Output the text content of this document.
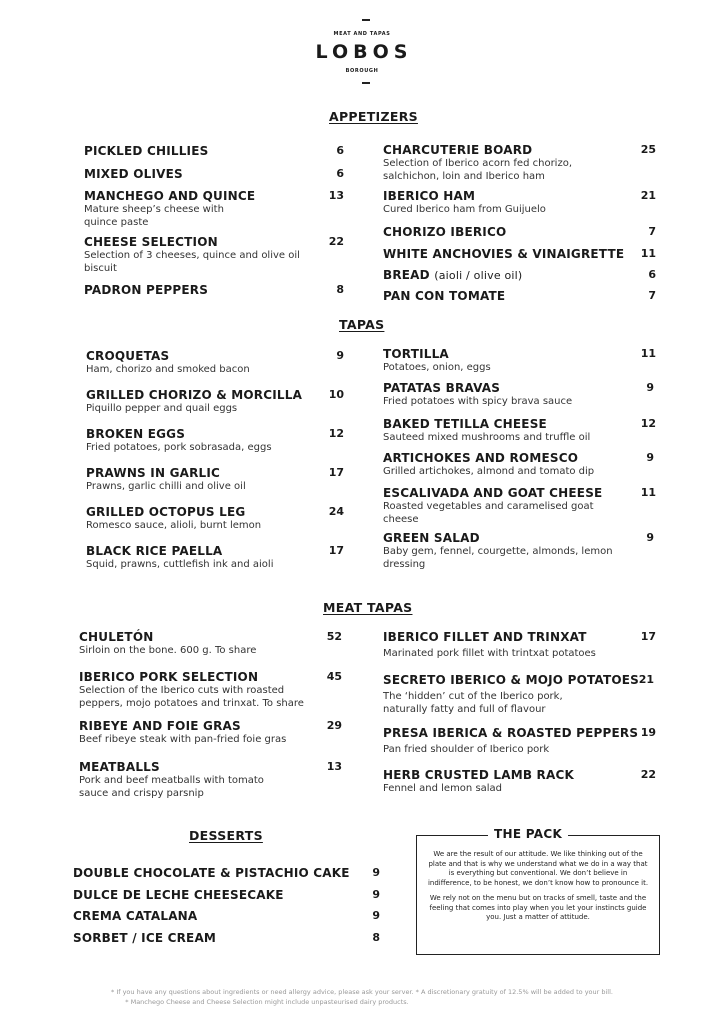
MEAT AND TAPAS
LOBOS
BOROUGH
APPETIZERS
PICKLED CHILLIES	6
MIXED OLIVES	6
MANCHEGO AND QUINCE
Mature sheep’s cheese with quince paste
13
CHEESE SELECTION
Selection of 3 cheeses, quince and olive oil biscuit
22
PADRON PEPPERS	8
CHARCUTERIE BOARD
Selection of Iberico acorn fed chorizo, salchichon, loin and Iberico ham
25
IBERICO HAM
Cured Iberico ham from Guijuelo
21
CHORIZO IBERICO	7
WHITE ANCHOVIES & VINAIGRETTE	11
BREAD (aioli / olive oil)	6
PAN CON TOMATE	7
TAPAS
CROQUETAS
Ham, chorizo and smoked bacon
9
GRILLED CHORIZO & MORCILLA
Piquillo pepper and quail eggs
10
BROKEN EGGS
Fried potatoes, pork sobrasada, eggs
12
PRAWNS IN GARLIC
Prawns, garlic chilli and olive oil
17
GRILLED OCTOPUS LEG
Romesco sauce, alioli, burnt lemon
24
BLACK RICE PAELLA
Squid, prawns, cuttlefish ink and aioli
17
TORTILLA
Potatoes, onion, eggs
11
PATATAS BRAVAS
Fried potatoes with spicy brava sauce
9
BAKED TETILLA CHEESE
Sauteed mixed mushrooms and truffle oil
12
ARTICHOKES AND ROMESCO
Grilled artichokes, almond and tomato dip
9
ESCALIVADA AND GOAT CHEESE
Roasted vegetables and caramelised goat cheese
11
GREEN SALAD
Baby gem, fennel, courgette, almonds, lemon dressing
9
MEAT TAPAS
CHULETÓN
Sirloin on the bone. 600 g. To share
52
IBERICO PORK SELECTION
Selection of the Iberico cuts with roasted peppers, mojo potatoes and trinxat. To share
45
RIBEYE AND FOIE GRAS
Beef ribeye steak with pan-fried foie gras
29
MEATBALLS
Pork and beef meatballs with tomato sauce and crispy parsnip
13
IBERICO FILLET AND TRINXAT
Marinated pork fillet with trintxat potatoes
17
SECRETO IBERICO & MOJO POTATOES
The ‘hidden’ cut of the Iberico pork, naturally fatty and full of flavour
21
PRESA IBERICA & ROASTED PEPPERS
Pan fried shoulder of Iberico pork
19
HERB CRUSTED LAMB RACK
Fennel and lemon salad
22
DESSERTS
DOUBLE CHOCOLATE & PISTACHIO CAKE	9
DULCE DE LECHE CHEESECAKE	9
CREMA CATALANA	9
SORBET / ICE CREAM	8

We are the result of our attitude. We like thinking out of the plate and that is why we understand what we do in a way that is everything but conventional. We don’t believe in indifference, to be honest, we don’t know how to pronounce it.

We rely not on the menu but on tracks of smell, taste and the feeling that comes into play when you let your instincts guide you. Just a matter of attitude.

THE PACK
* If you have any questions about ingredients or need allergy advice, please ask your server. * A discretionary gratuity of 12.5% will be added to your bill.
* Manchego Cheese and Cheese Selection might include unpasteurised dairy products.
